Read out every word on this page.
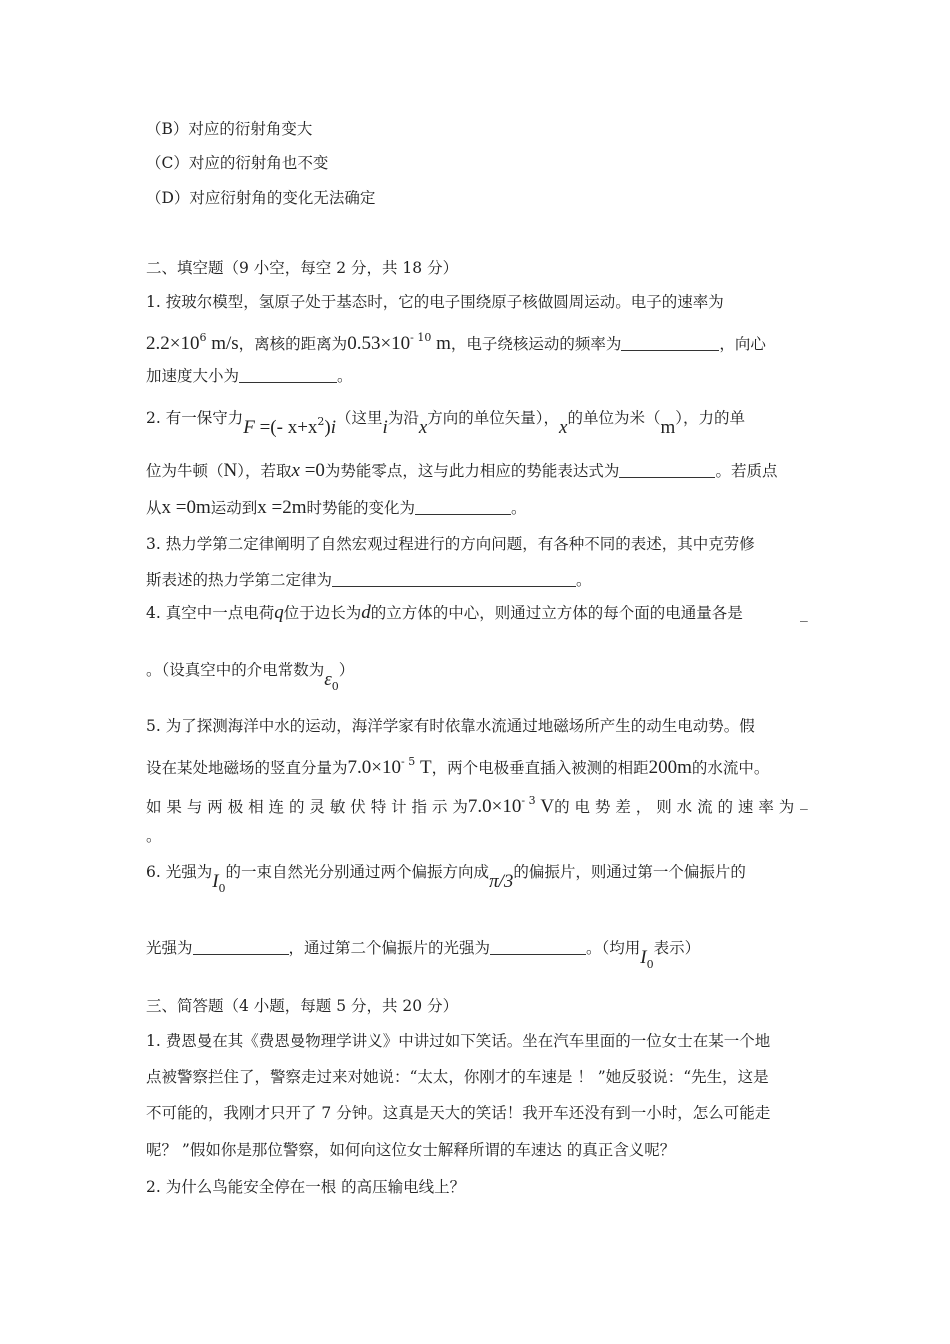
（B）对应的衍射角变大
（C）对应的衍射角也不变
（D）对应衍射角的变化无法确定
二、填空题（9 小空，每空 2 分，共 18 分）
1. 按玻尔模型，氢原子处于基态时，它的电子围绕原子核做圆周运动。电子的速率为
$2.2\times 10^6$ m/s，离核的距离为$0.53\times 10^{- 10}$ m，电子绕核运动的频率为	，向心
加速度大小为	。
2. 有一保守力F =(- $x+x^2)i$（这里i为沿x方向的单位矢量），x的单位为米（m），力的单
位为牛顿（N），若取x =0为势能零点，这与此力相应的势能表达式为	。若质点
从x =0m运动到x =2m时势能的变化为	。
3. 热力学第二定律阐明了自然宏观过程进行的方向问题，有各种不同的表述，其中克劳修
斯表述的热力学第二定律为	。
4. 真空中一点电荷q位于边长为d的立方体的中心，则通过立方体的每个面的电通量各是	_
。（设真空中的介电常数为$\varepsilon_0$）
5. 为了探测海洋中水的运动，海洋学家有时依靠水流通过地磁场所产生的动生电动势。假
设在某处地磁场的竖直分量为$7.0\times 10^{- 5}$ T，两个电极垂直插入被测的相距200m的水流中。
如 果 与 两 极 相 连 的 灵 敏 伏 特 计 指 示 为$7.0\times 10^{- 3}$ V的 电 势 差 ， 则 水 流 的 速 率 为 _
。
6. 光强为$I_0$的一束自然光分别通过两个偏振方向成π/3的偏振片，则通过第一个偏振片的
光强为	，通过第二个偏振片的光强为	。（均用$I_0$表示）
三、简答题（4 小题，每题 5 分，共 20 分）
1. 费恩曼在其《费恩曼物理学讲义》中讲过如下笑话。坐在汽车里面的一位女士在某一个地
点被警察拦住了，警察走过来对她说：“太太，你刚才的车速是 ！ ”她反驳说：“先生，这是
不可能的，我刚才只开了 7 分钟。这真是天大的笑话！我开车还没有到一小时，怎么可能走
呢？ ”假如你是那位警察，如何向这位女士解释所谓的车速达 的真正含义呢？
2. 为什么鸟能安全停在一根 的高压输电线上？
